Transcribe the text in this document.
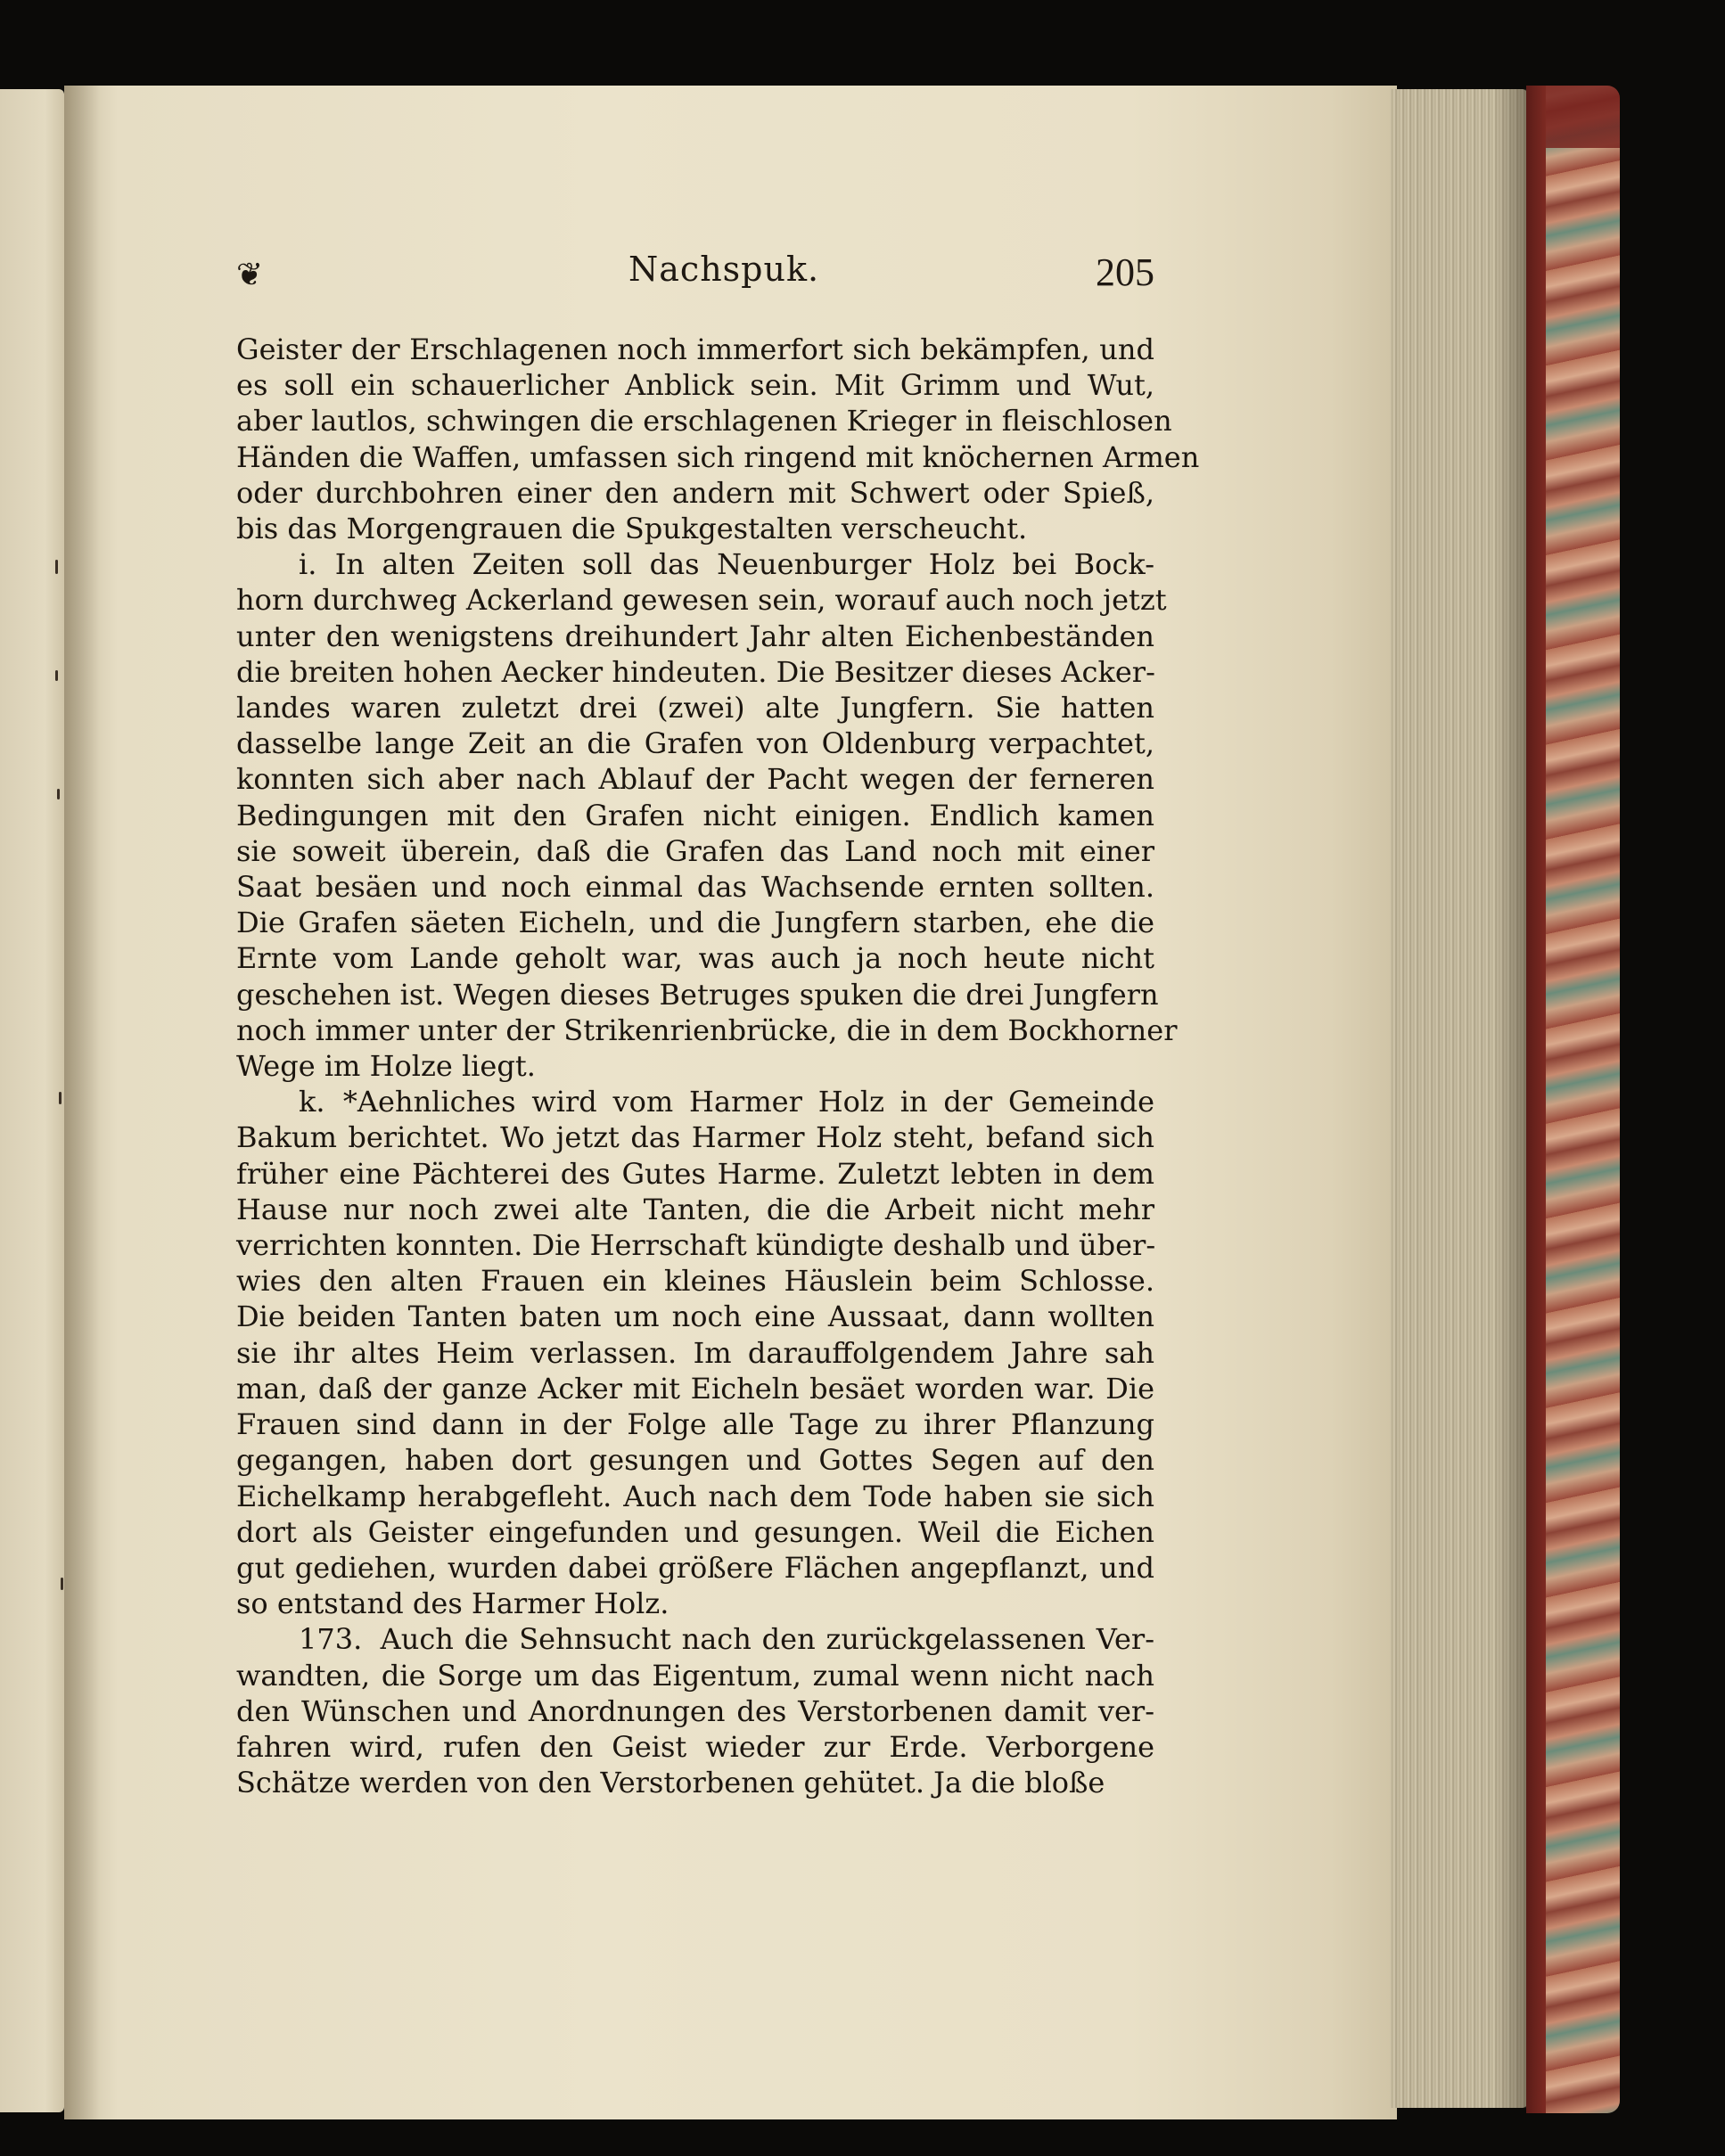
❦	Nachspuk.	205

Geister der Erschlagenen noch immerfort sich bekämpfen, und
es soll ein schauerlicher Anblick sein. Mit Grimm und Wut,
aber lautlos, schwingen die erschlagenen Krieger in fleischlosen
Händen die Waffen, umfassen sich ringend mit knöchernen Armen
oder durchbohren einer den andern mit Schwert oder Spieß,
bis das Morgengrauen die Spukgestalten verscheucht.

i.  In alten Zeiten soll das Neuenburger Holz bei Bock-
horn durchweg Ackerland gewesen sein, worauf auch noch jetzt
unter den wenigstens dreihundert Jahr alten Eichenbeständen
die breiten hohen Aecker hindeuten. Die Besitzer dieses Acker-
landes waren zuletzt drei (zwei) alte Jungfern. Sie hatten
dasselbe lange Zeit an die Grafen von Oldenburg verpachtet,
konnten sich aber nach Ablauf der Pacht wegen der ferneren
Bedingungen mit den Grafen nicht einigen. Endlich kamen
sie soweit überein, daß die Grafen das Land noch mit einer
Saat besäen und noch einmal das Wachsende ernten sollten.
Die Grafen säeten Eicheln, und die Jungfern starben, ehe die
Ernte vom Lande geholt war, was auch ja noch heute nicht
geschehen ist. Wegen dieses Betruges spuken die drei Jungfern
noch immer unter der Strikenrienbrücke, die in dem Bockhorner
Wege im Holze liegt.

k.  *Aehnliches wird vom Harmer Holz in der Gemeinde
Bakum berichtet. Wo jetzt das Harmer Holz steht, befand sich
früher eine Pächterei des Gutes Harme. Zuletzt lebten in dem
Hause nur noch zwei alte Tanten, die die Arbeit nicht mehr
verrichten konnten. Die Herrschaft kündigte deshalb und über-
wies den alten Frauen ein kleines Häuslein beim Schlosse.
Die beiden Tanten baten um noch eine Aussaat, dann wollten
sie ihr altes Heim verlassen. Im darauffolgendem Jahre sah
man, daß der ganze Acker mit Eicheln besäet worden war. Die
Frauen sind dann in der Folge alle Tage zu ihrer Pflanzung
gegangen, haben dort gesungen und Gottes Segen auf den
Eichelkamp herabgefleht. Auch nach dem Tode haben sie sich
dort als Geister eingefunden und gesungen. Weil die Eichen
gut gediehen, wurden dabei größere Flächen angepflanzt, und
so entstand des Harmer Holz.

173.  Auch die Sehnsucht nach den zurückgelassenen Ver-
wandten, die Sorge um das Eigentum, zumal wenn nicht nach
den Wünschen und Anordnungen des Verstorbenen damit ver-
fahren wird, rufen den Geist wieder zur Erde. Verborgene
Schätze werden von den Verstorbenen gehütet. Ja die bloße
